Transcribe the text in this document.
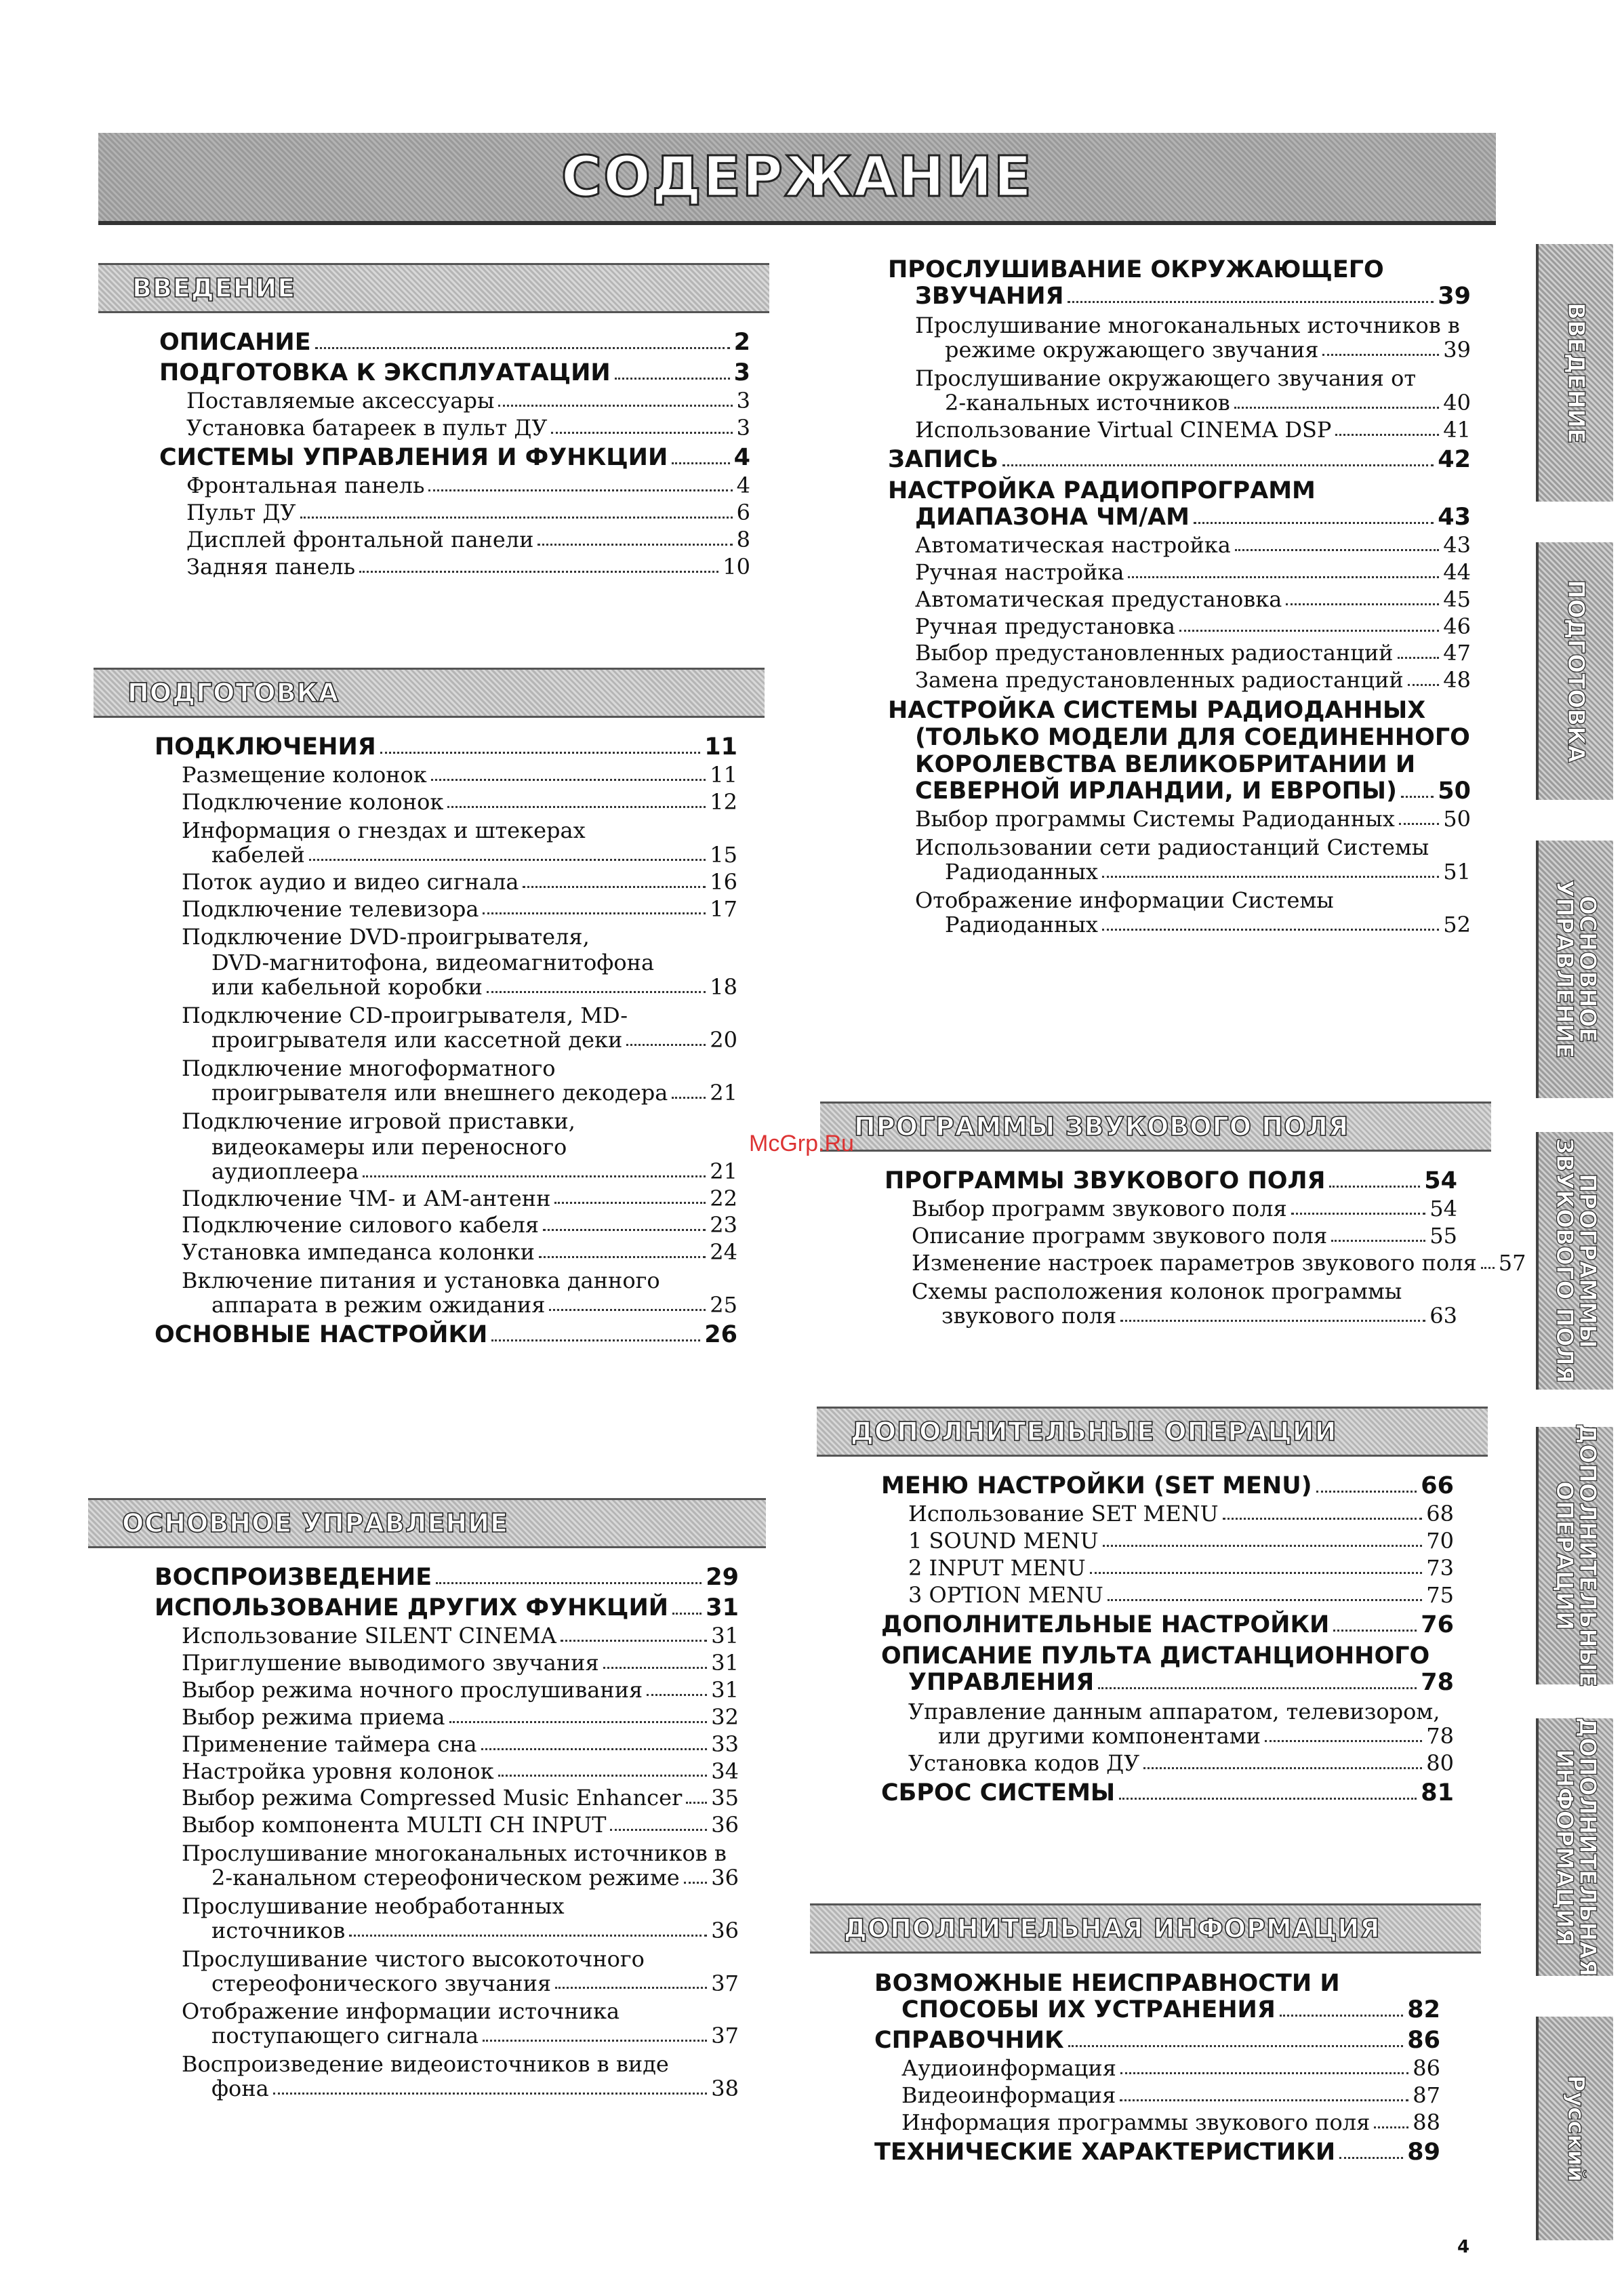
СОДЕРЖАНИЕ
ВВЕДЕНИЕ
ОПИСАНИЕ	2
ПОДГОТОВКА К ЭКСПЛУАТАЦИИ	3
Поставляемые аксессуары	3
Установка батареек в пульт ДУ	3
СИСТЕМЫ УПРАВЛЕНИЯ И ФУНКЦИИ	4
Фронтальная панель	4
Пульт ДУ	6
Дисплей фронтальной панели	8
Задняя панель	10
ПОДГОТОВКА
ПОДКЛЮЧЕНИЯ	11
Размещение колонок	11
Подключение колонок	12
Информация о гнездах и штекерах
кабелей	15
Поток аудио и видео сигнала	16
Подключение телевизора	17
Подключение DVD-проигрывателя,
DVD-магнитофона, видеомагнитофона
или кабельной коробки	18
Подключение CD-проигрывателя, MD-
проигрывателя или кассетной деки	20
Подключение многоформатного
проигрывателя или внешнего декодера 21
Подключение игровой приставки,
видеокамеры или переносного
аудиоплеера	21
Подключение ЧМ- и АМ-антенн	22
Подключение силового кабеля	23
Установка импеданса колонки	24
Включение питания и установка данного
аппарата в режим ожидания	25
ОСНОВНЫЕ НАСТРОЙКИ	26
ОСНОВНОЕ УПРАВЛЕНИЕ
ВОСПРОИЗВЕДЕНИЕ	29
ИСПОЛЬЗОВАНИЕ ДРУГИХ ФУНКЦИЙ 31
Использование SILENT CINEMA	31
Приглушение выводимого звучания	31
Выбор режима ночного прослушивания	31
Выбор режима приема	32
Применение таймера сна	33
Настройка уровня колонок	34
Выбор режима Compressed Music Enhancer 35
Выбор компонента MULTI CH INPUT	36
Прослушивание многоканальных источников в
2-канальном стереофоническом режиме 36
Прослушивание необработанных
источников	36
Прослушивание чистого высокоточного
стереофонического звучания	37
Отображение информации источника
поступающего сигнала	37
Воспроизведение видеоисточников в виде
фона	38
ПРОСЛУШИВАНИЕ ОКРУЖАЮЩЕГО
ЗВУЧАНИЯ	39
Прослушивание многоканальных источников в
режиме окружающего звучания	39
Прослушивание окружающего звучания от
2-канальных источников	40
Использование Virtual CINEMA DSP	41
ЗАПИСЬ	42
НАСТРОЙКА РАДИОПРОГРАММ
ДИАПАЗОНА ЧМ/АМ	43
Автоматическая настройка	43
Ручная настройка	44
Автоматическая предустановка	45
Ручная предустановка	46
Выбор предустановленных радиостанций 47
Замена предустановленных радиостанций 48
НАСТРОЙКА СИСТЕМЫ РАДИОДАННЫХ
(ТОЛЬКО МОДЕЛИ ДЛЯ СОЕДИНЕННОГО
КОРОЛЕВСТВА ВЕЛИКОБРИТАНИИ И
СЕВЕРНОЙ ИРЛАНДИИ, И ЕВРОПЫ) 50
Выбор программы Системы Радиоданных 50
Использовании сети радиостанций Системы
Радиоданных	51
Отображение информации Системы
Радиоданных	52
ПРОГРАММЫ ЗВУКОВОГО ПОЛЯ
ПРОГРАММЫ ЗВУКОВОГО ПОЛЯ	54
Выбор программ звукового поля	54
Описание программ звукового поля	55
Изменение настроек параметров звукового поля 57
Схемы расположения колонок программы
звукового поля	63
ДОПОЛНИТЕЛЬНЫЕ ОПЕРАЦИИ
МЕНЮ НАСТРОЙКИ (SET MENU)	66
Использование SET MENU	68
1 SOUND MENU	70
2 INPUT MENU	73
3 OPTION MENU	75
ДОПОЛНИТЕЛЬНЫЕ НАСТРОЙКИ	76
ОПИСАНИЕ ПУЛЬТА ДИСТАНЦИОННОГО
УПРАВЛЕНИЯ	78
Управление данным аппаратом, телевизором,
или другими компонентами	78
Установка кодов ДУ	80
СБРОС СИСТЕМЫ	81
ДОПОЛНИТЕЛЬНАЯ ИНФОРМАЦИЯ
ВОЗМОЖНЫЕ НЕИСПРАВНОСТИ И
СПОСОБЫ ИХ УСТРАНЕНИЯ	82
СПРАВОЧНИК	86
Аудиоинформация	86
Видеоинформация	87
Информация программы звукового поля 88
ТЕХНИЧЕСКИЕ ХАРАКТЕРИСТИКИ	89
ВВЕДЕНИЕ
ПОДГОТОВКА
ОСНОВНОЕ УПРАВЛЕНИЕ
ПРОГРАММЫ ЗВУКОВОГО ПОЛЯ
ДОПОЛНИТЕЛЬНЫЕ ОПЕРАЦИИ
ДОПОЛНИТЕЛЬНАЯ ИНФОРМАЦИЯ
Русский
McGrp.Ru
4
